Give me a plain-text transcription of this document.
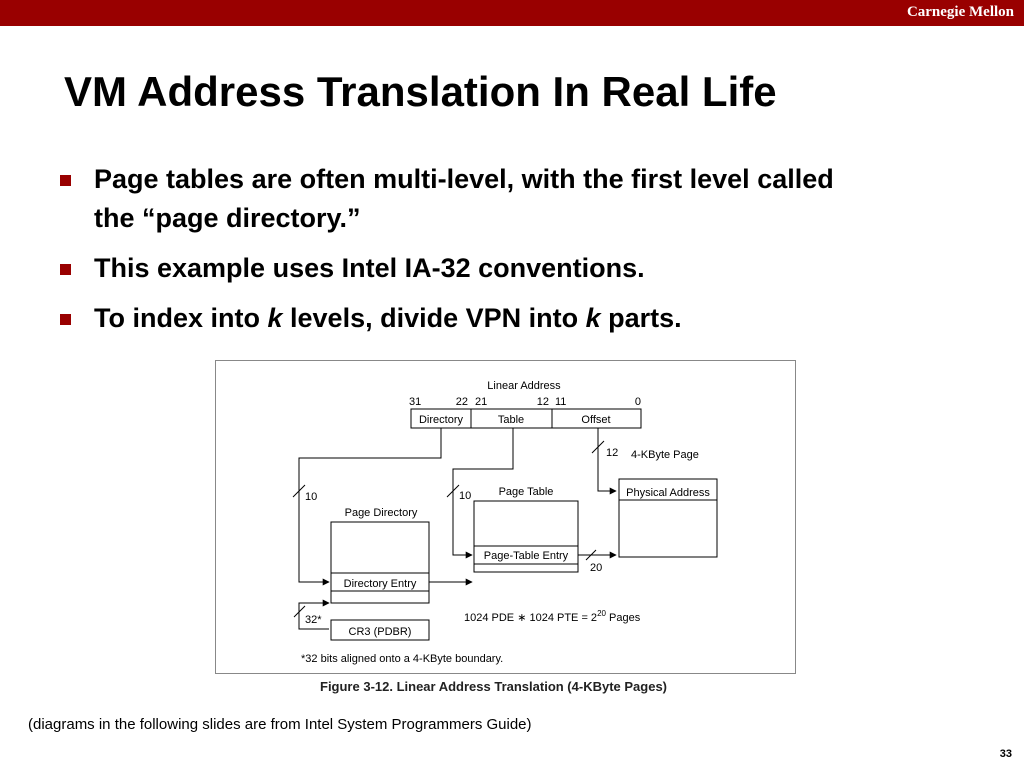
Carnegie Mellon
VM Address Translation In Real Life
Page tables are often multi-level, with the first level called the “page directory.”
This example uses Intel IA-32 conventions.
To index into k levels, divide VPN into k parts.
Linear Address
31	22 21	12 11	0
Directory	Table	Offset
12 4-KByte Page
Physical Address
10 Page Table
Page-Table Entry
20
10
Page Directory
Directory Entry
32*
CR3 (PDBR)
1024 PDE ∗ 1024 PTE = $2^{20}$ Pages
*32 bits aligned onto a 4-KByte boundary.
Figure 3-12. Linear Address Translation (4-KByte Pages)
(diagrams in the following slides are from Intel System Programmers Guide)
33
